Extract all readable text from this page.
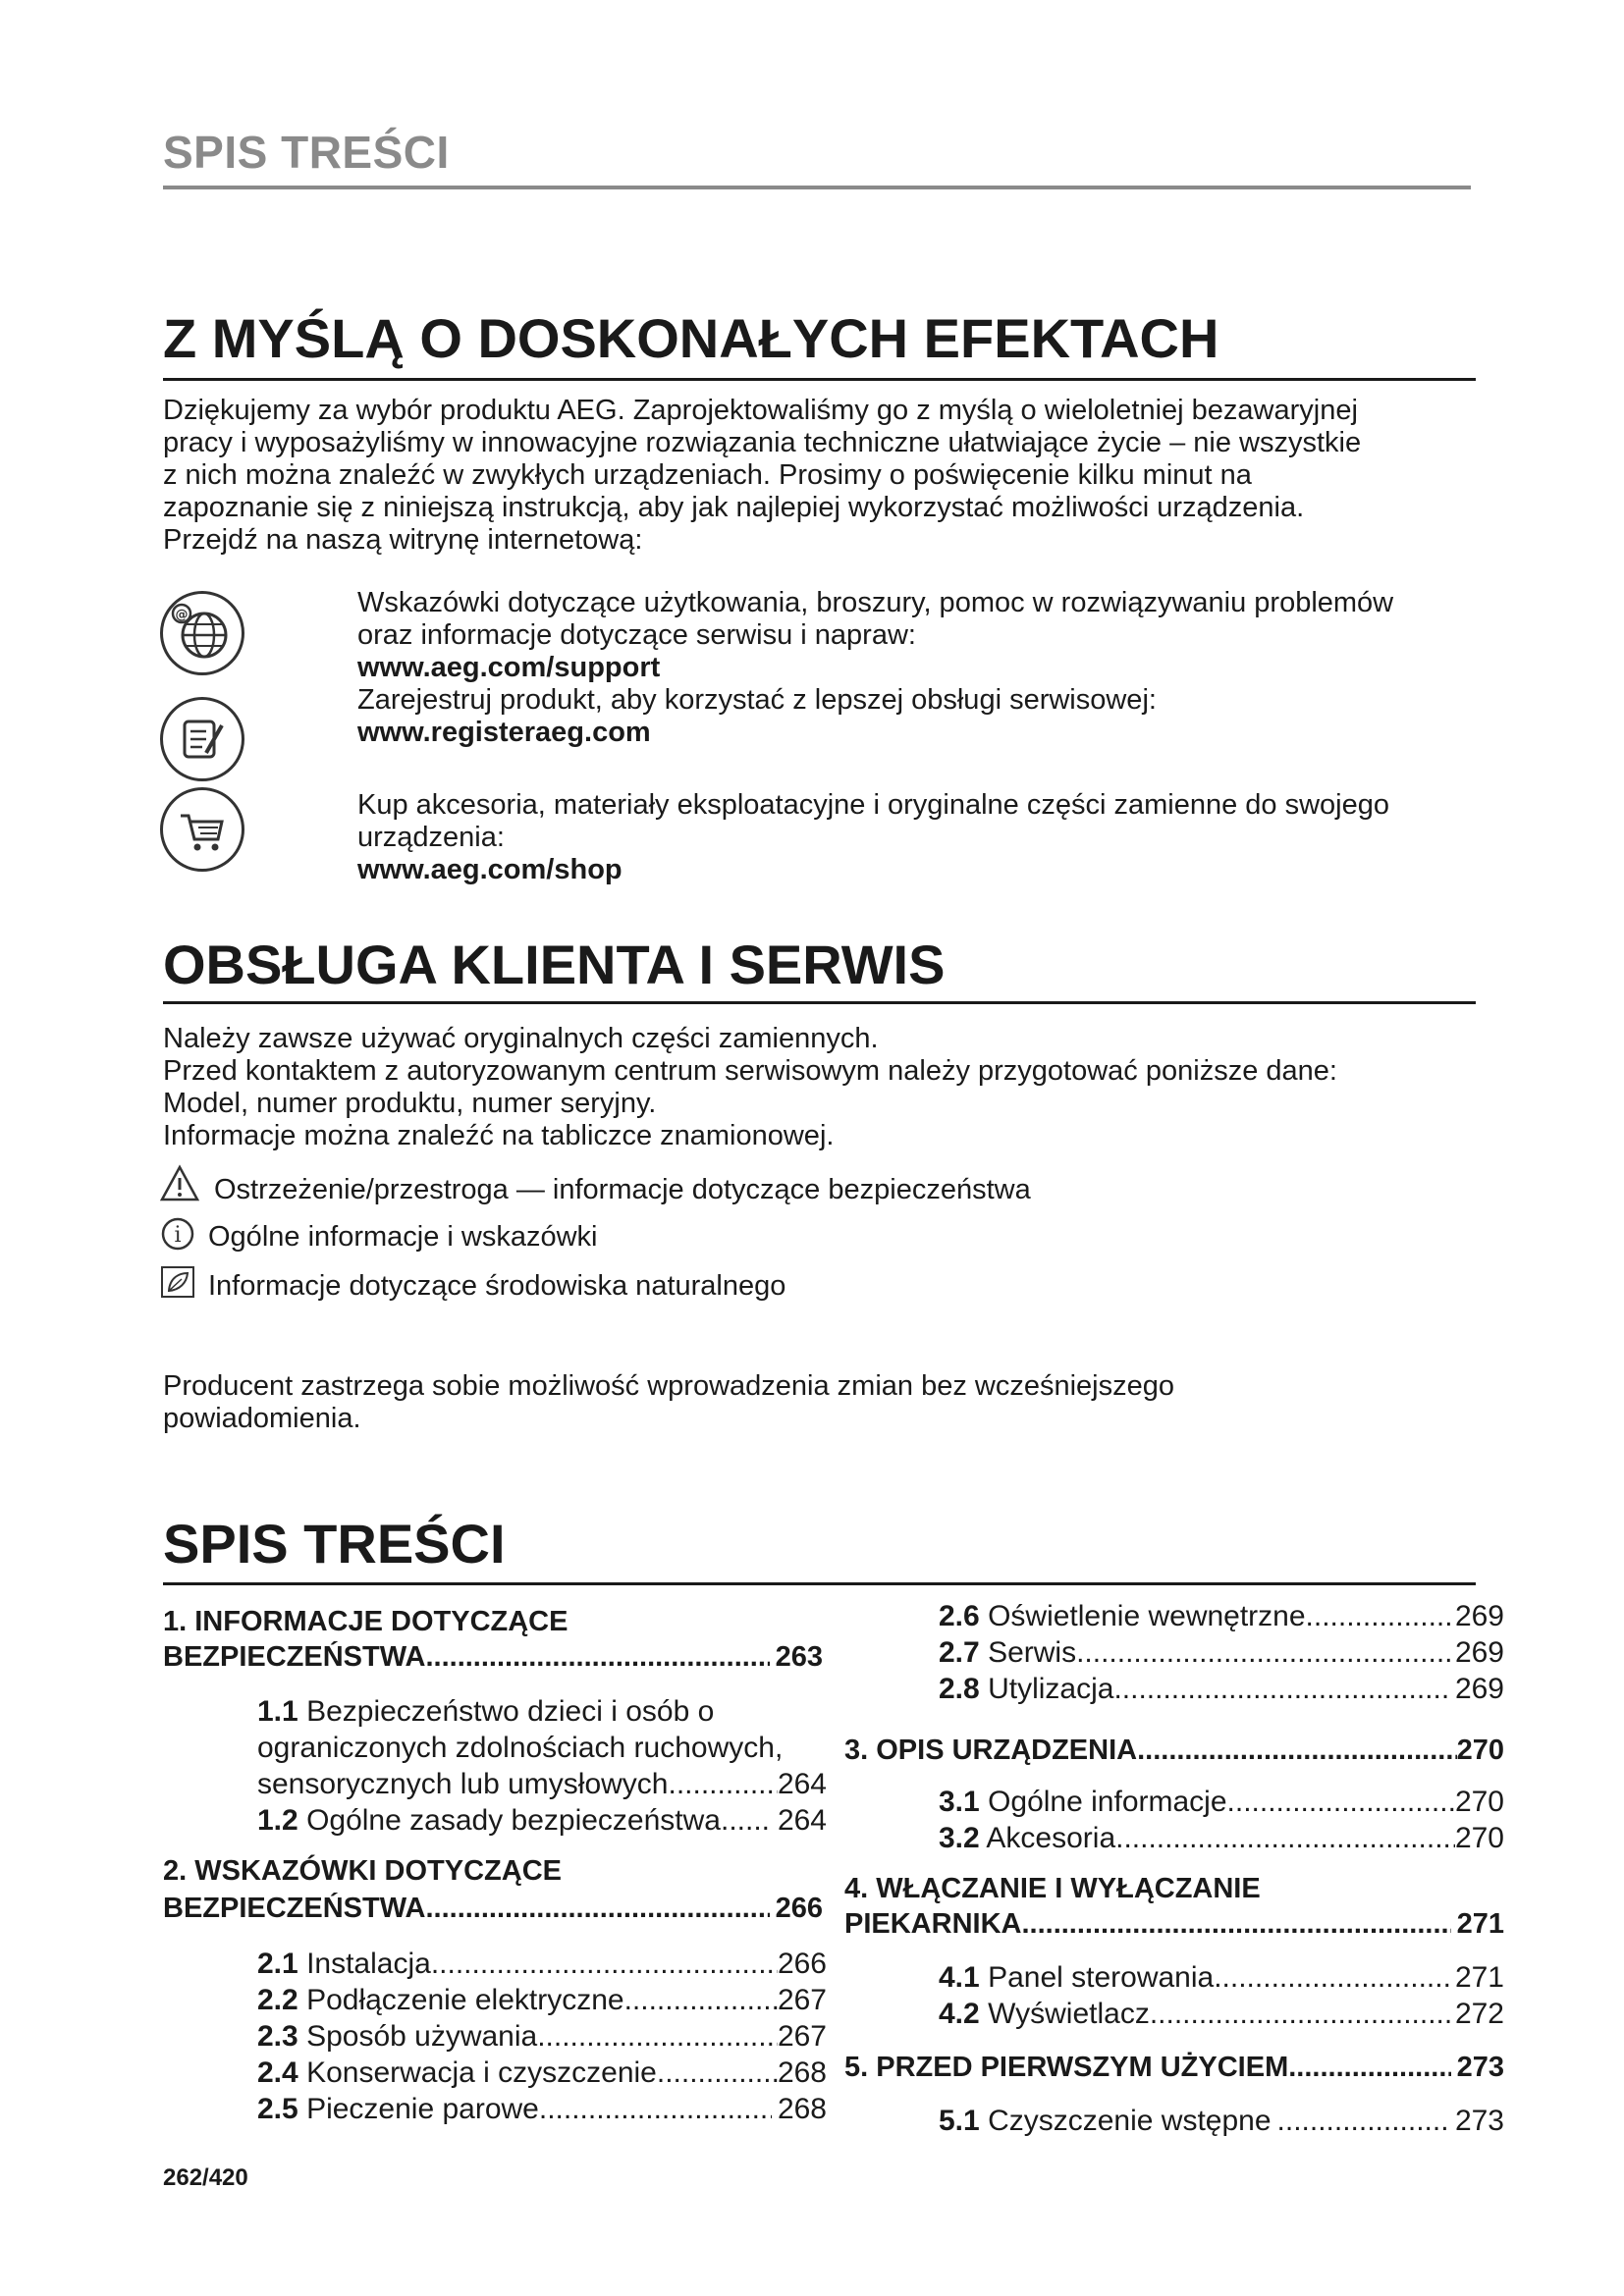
SPIS TREŚCI
Z MYŚLĄ O DOSKONAŁYCH EFEKTACH
Dziękujemy za wybór produktu AEG. Zaprojektowaliśmy go z myślą o wieloletniej bezawaryjnej
pracy i wyposażyliśmy w innowacyjne rozwiązania techniczne ułatwiające życie – nie wszystkie
z nich można znaleźć w zwykłych urządzeniach. Prosimy o poświęcenie kilku minut na
zapoznanie się z niniejszą instrukcją, aby jak najlepiej wykorzystać możliwości urządzenia.
Przejdź na naszą witrynę internetową:
@	Wskazówki dotyczące użytkowania, broszury, pomoc w rozwiązywaniu problemów
oraz informacje dotyczące serwisu i napraw:
www.aeg.com/support
Zarejestruj produkt, aby korzystać z lepszej obsługi serwisowej:
www.registeraeg.com
Kup akcesoria, materiały eksploatacyjne i oryginalne części zamienne do swojego
urządzenia:
www.aeg.com/shop
OBSŁUGA KLIENTA I SERWIS
Należy zawsze używać oryginalnych części zamiennych.
Przed kontaktem z autoryzowanym centrum serwisowym należy przygotować poniższe dane:
Model, numer produktu, numer seryjny.
Informacje można znaleźć na tabliczce znamionowej.
Ostrzeżenie/przestroga — informacje dotyczące bezpieczeństwa
i Ogólne informacje i wskazówki
Informacje dotyczące środowiska naturalnego
Producent zastrzega sobie możliwość wprowadzenia zmian bez wcześniejszego
powiadomienia.
SPIS TREŚCI
1. INFORMACJE DOTYCZĄCE
BEZPIECZEŃSTWA .....	263
1.1 Bezpieczeństwo dzieci i osób o
ograniczonych zdolnościach ruchowych,
sensorycznych lub umysłowych .....	264
1.2 Ogólne zasady bezpieczeństwa ..... 264
2. WSKAZÓWKI DOTYCZĄCE
BEZPIECZEŃSTWA .....	266
2.1 Instalacja .....	266
2.2 Podłączenie elektryczne .....	267
2.3 Sposób używania .....	267
2.4 Konserwacja i czyszczenie .....	268
2.5 Pieczenie parowe .....	268
2.6 Oświetlenie wewnętrzne .....	269
2.7 Serwis .....	269
2.8 Utylizacja .....	269
3. OPIS URZĄDZENIA .....	270
3.1 Ogólne informacje .....	270
3.2 Akcesoria .....	270
4. WŁĄCZANIE I WYŁĄCZANIE
PIEKARNIKA .....	271
4.1 Panel sterowania .....	271
4.2 Wyświetlacz .....	272
5. PRZED PIERWSZYM UŻYCIEM .....	273
5.1 Czyszczenie wstępne .....	273
262/420
